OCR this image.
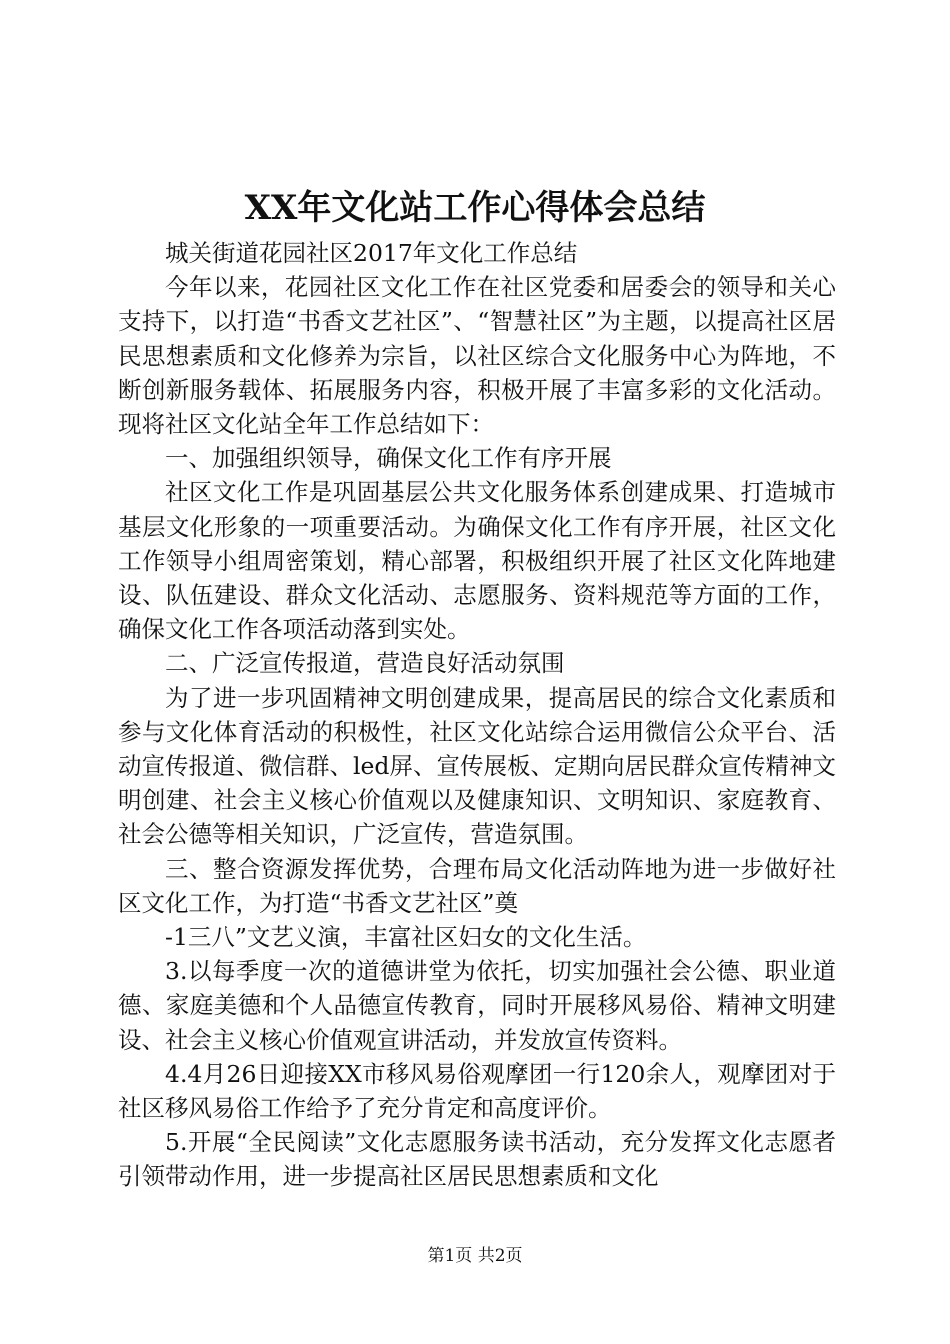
XX年文化站工作心得体会总结

城关街道花园社区2017年文化工作总结

今年以来，花园社区文化工作在社区党委和居委会的领导和关心支持下，以打造“书香文艺社区”、“智慧社区”为主题，以提高社区居民思想素质和文化修养为宗旨，以社区综合文化服务中心为阵地，不断创新服务载体、拓展服务内容，积极开展了丰富多彩的文化活动。现将社区文化站全年工作总结如下：

一、加强组织领导，确保文化工作有序开展

社区文化工作是巩固基层公共文化服务体系创建成果、打造城市基层文化形象的一项重要活动。为确保文化工作有序开展，社区文化工作领导小组周密策划，精心部署，积极组织开展了社区文化阵地建设、队伍建设、群众文化活动、志愿服务、资料规范等方面的工作，确保文化工作各项活动落到实处。

二、广泛宣传报道，营造良好活动氛围

为了进一步巩固精神文明创建成果，提高居民的综合文化素质和参与文化体育活动的积极性，社区文化站综合运用微信公众平台、活动宣传报道、微信群、led屏、宣传展板、定期向居民群众宣传精神文明创建、社会主义核心价值观以及健康知识、文明知识、家庭教育、社会公德等相关知识，广泛宣传，营造氛围。

三、整合资源发挥优势，合理布局文化活动阵地为进一步做好社区文化工作，为打造“书香文艺社区”奠

-1三八”文艺义演，丰富社区妇女的文化生活。

3.以每季度一次的道德讲堂为依托，切实加强社会公德、职业道德、家庭美德和个人品德宣传教育，同时开展移风易俗、精神文明建设、社会主义核心价值观宣讲活动，并发放宣传资料。

4.4月26日迎接XX市移风易俗观摩团一行120余人，观摩团对于社区移风易俗工作给予了充分肯定和高度评价。

5.开展“全民阅读”文化志愿服务读书活动，充分发挥文化志愿者引领带动作用，进一步提高社区居民思想素质和文化

第1页 共2页
